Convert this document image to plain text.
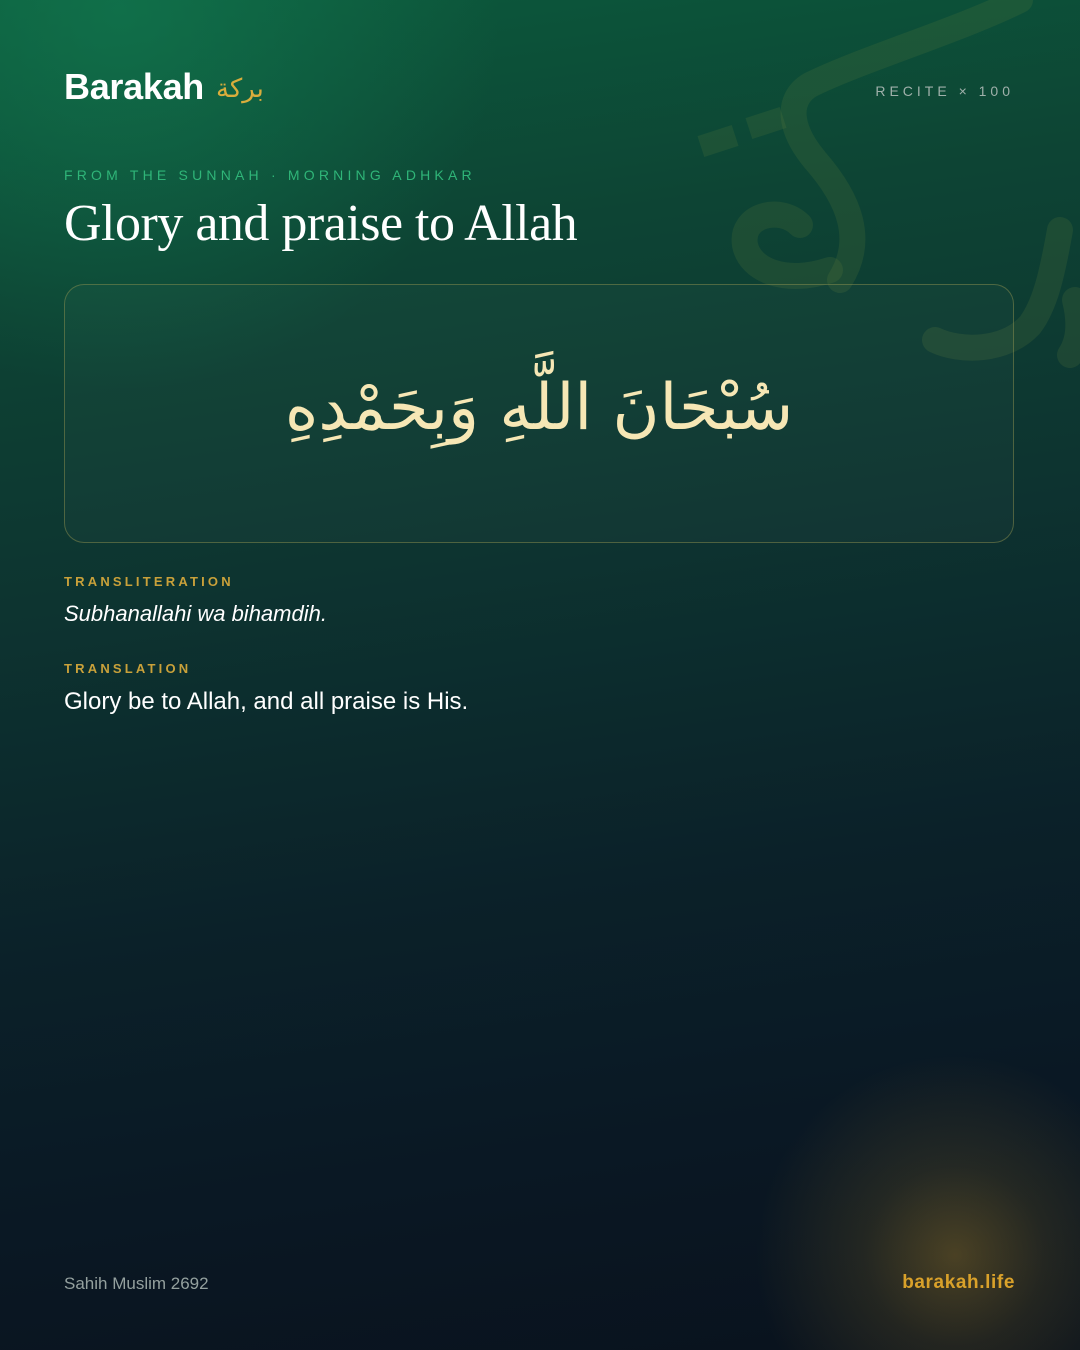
Barakah بركة	RECITE × 100
FROM THE SUNNAH · MORNING ADHKAR
Glory and praise to Allah
سُبْحَانَ اللَّهِ وَبِحَمْدِهِ
TRANSLITERATION
Subhanallahi wa bihamdih.
TRANSLATION
Glory be to Allah, and all praise is His.
Sahih Muslim 2692	barakah.life
